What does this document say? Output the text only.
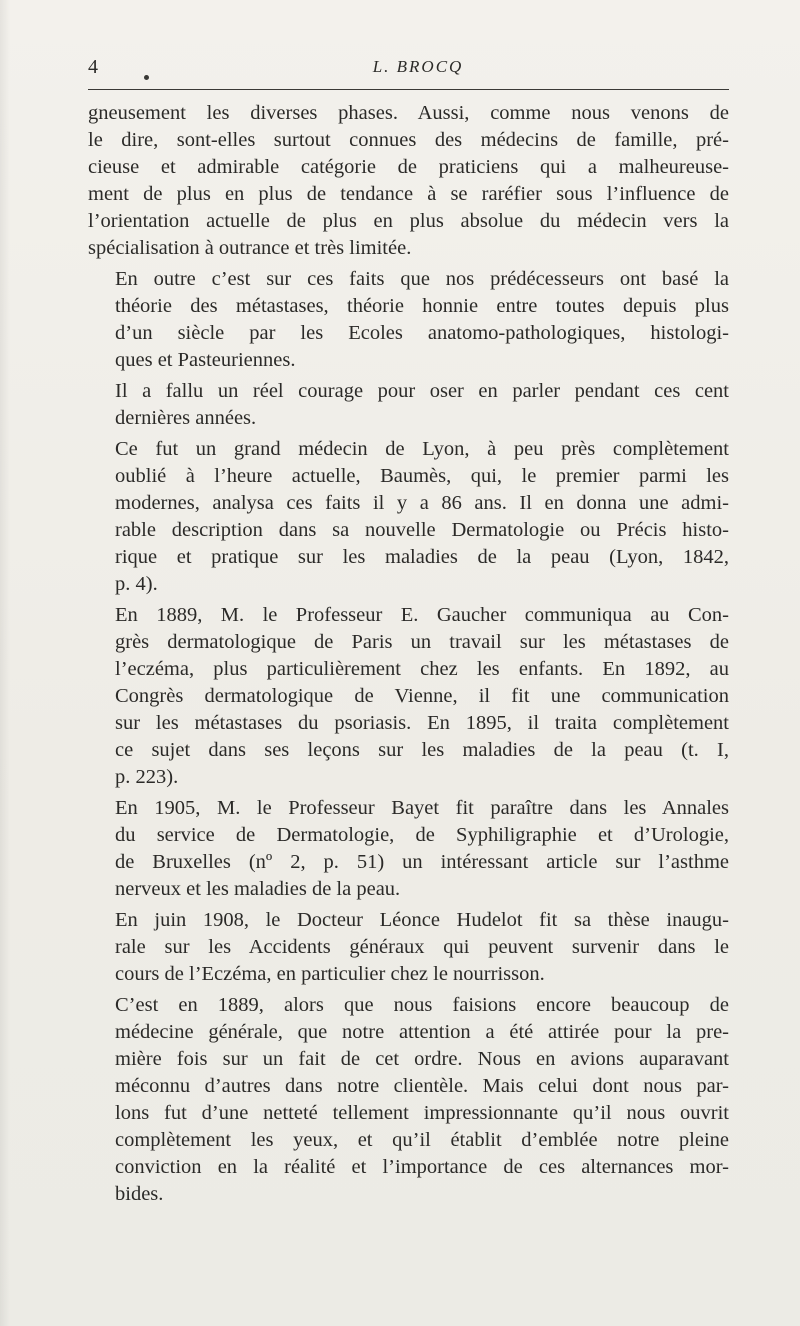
4	L. BROCQ
gneusement les diverses phases. Aussi, comme nous venons de
le dire, sont-elles surtout connues des médecins de famille, pré-
cieuse et admirable catégorie de praticiens qui a malheureuse-
ment de plus en plus de tendance à se raréfier sous l’influence de
l’orientation actuelle de plus en plus absolue du médecin vers la
spécialisation à outrance et très limitée.
En outre c’est sur ces faits que nos prédécesseurs ont basé la
théorie des métastases, théorie honnie entre toutes depuis plus
d’un siècle par les Ecoles anatomo-pathologiques, histologi-
ques et Pasteuriennes.
Il a fallu un réel courage pour oser en parler pendant ces cent
dernières années.
Ce fut un grand médecin de Lyon, à peu près complètement
oublié à l’heure actuelle, Baumès, qui, le premier parmi les
modernes, analysa ces faits il y a 86 ans. Il en donna une admi-
rable description dans sa nouvelle Dermatologie ou Précis histo-
rique et pratique sur les maladies de la peau (Lyon, 1842,
p. 4).
En 1889, M. le Professeur E. Gaucher communiqua au Con-
grès dermatologique de Paris un travail sur les métastases de
l’eczéma, plus particulièrement chez les enfants. En 1892, au
Congrès dermatologique de Vienne, il fit une communication
sur les métastases du psoriasis. En 1895, il traita complètement
ce sujet dans ses leçons sur les maladies de la peau (t. I,
p. 223).
En 1905, M. le Professeur Bayet fit paraître dans les Annales
du service de Dermatologie, de Syphiligraphie et d’Urologie,
de Bruxelles (nº 2, p. 51) un intéressant article sur l’asthme
nerveux et les maladies de la peau.
En juin 1908, le Docteur Léonce Hudelot fit sa thèse inaugu-
rale sur les Accidents généraux qui peuvent survenir dans le
cours de l’Eczéma, en particulier chez le nourrisson.
C’est en 1889, alors que nous faisions encore beaucoup de
médecine générale, que notre attention a été attirée pour la pre-
mière fois sur un fait de cet ordre. Nous en avions auparavant
méconnu d’autres dans notre clientèle. Mais celui dont nous par-
lons fut d’une netteté tellement impressionnante qu’il nous ouvrit
complètement les yeux, et qu’il établit d’emblée notre pleine
conviction en la réalité et l’importance de ces alternances mor-
bides.
